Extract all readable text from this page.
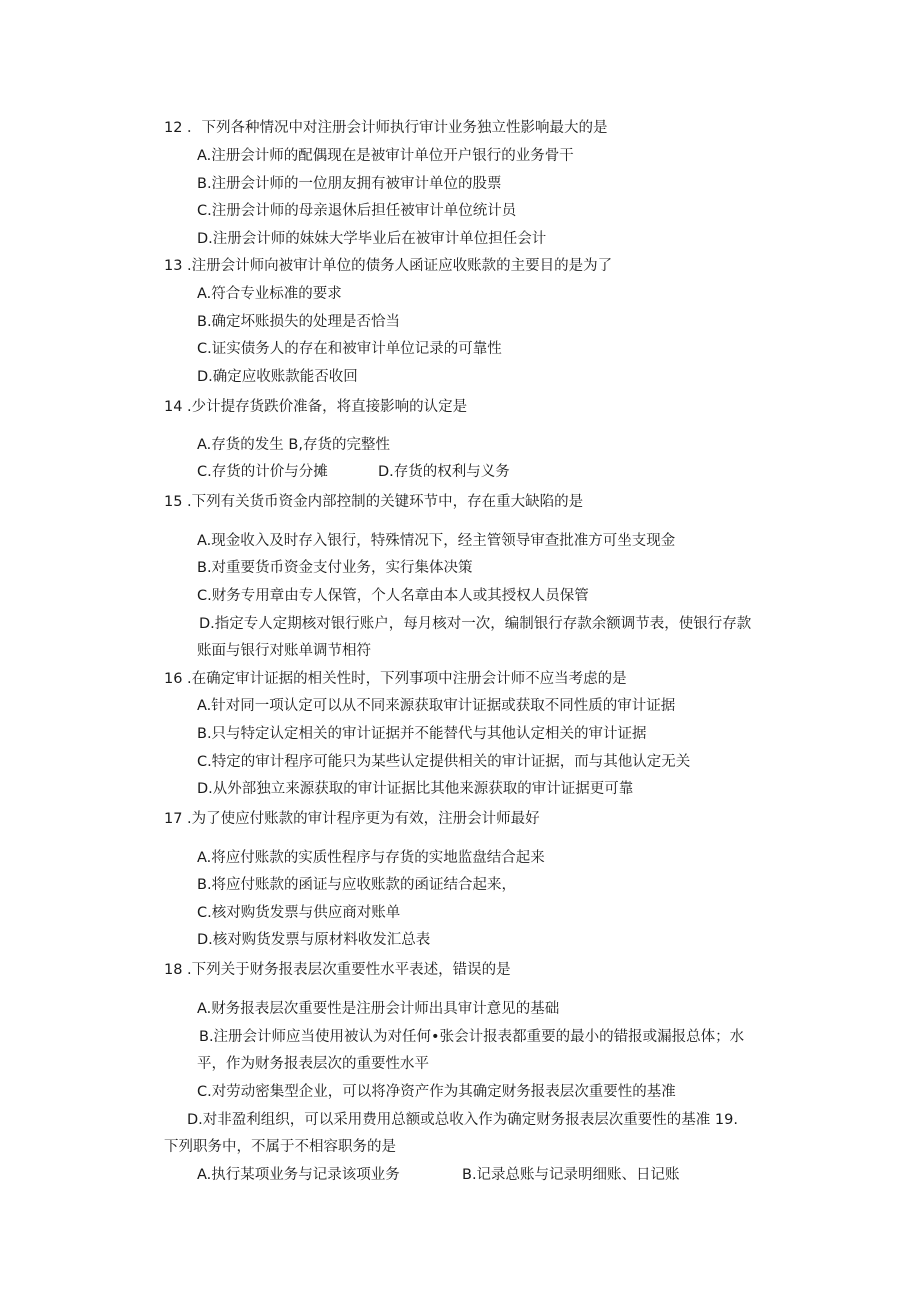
12 ．下列各种情况中对注册会计师执行审计业务独立性影响最大的是
A.注册会计师的配偶现在是被审计单位开户银行的业务骨干
B.注册会计师的一位朋友拥有被审计单位的股票
C.注册会计师的母亲退休后担任被审计单位统计员
D.注册会计师的妹妹大学毕业后在被审计单位担任会计
13 .注册会计师向被审计单位的债务人函证应收账款的主要目的是为了
A.符合专业标准的要求
B.确定坏账损失的处理是否恰当
C.证实债务人的存在和被审计单位记录的可靠性
D.确定应收账款能否收回
14 .少计提存货跌价准备，将直接影响的认定是
A.存货的发生 B,存货的完整性
C.存货的计价与分摊	D.存货的权利与义务
15 .下列有关货币资金内部控制的关键环节中，存在重大缺陷的是
A.现金收入及时存入银行，特殊情况下，经主管领导审查批准方可坐支现金
B.对重要货币资金支付业务，实行集体决策
C.财务专用章由专人保管，个人名章由本人或其授权人员保管
D.指定专人定期核对银行账户，每月核对一次，编制银行存款余额调节表，使银行存款
账面与银行对账单调节相符
16 .在确定审计证据的相关性时，下列事项中注册会计师不应当考虑的是
A.针对同一项认定可以从不同来源获取审计证据或获取不同性质的审计证据
B.只与特定认定相关的审计证据并不能替代与其他认定相关的审计证据
C.特定的审计程序可能只为某些认定提供相关的审计证据，而与其他认定无关
D.从外部独立来源获取的审计证据比其他来源获取的审计证据更可靠
17 .为了使应付账款的审计程序更为有效，注册会计师最好
A.将应付账款的实质性程序与存货的实地监盘结合起来
B.将应付账款的函证与应收账款的函证结合起来，
C.核对购货发票与供应商对账单
D.核对购货发票与原材料收发汇总表
18 .下列关于财务报表层次重要性水平表述，错误的是
A.财务报表层次重要性是注册会计师出具审计意见的基础
B.注册会计师应当使用被认为对任何•张会计报表都重要的最小的错报或漏报总体；水
平，作为财务报表层次的重要性水平
C.对劳动密集型企业，可以将净资产作为其确定财务报表层次重要性的基准
D.对非盈利组织，可以采用费用总额或总收入作为确定财务报表层次重要性的基准 19.
下列职务中，不属于不相容职务的是
A.执行某项业务与记录该项业务	B.记录总账与记录明细账、日记账
